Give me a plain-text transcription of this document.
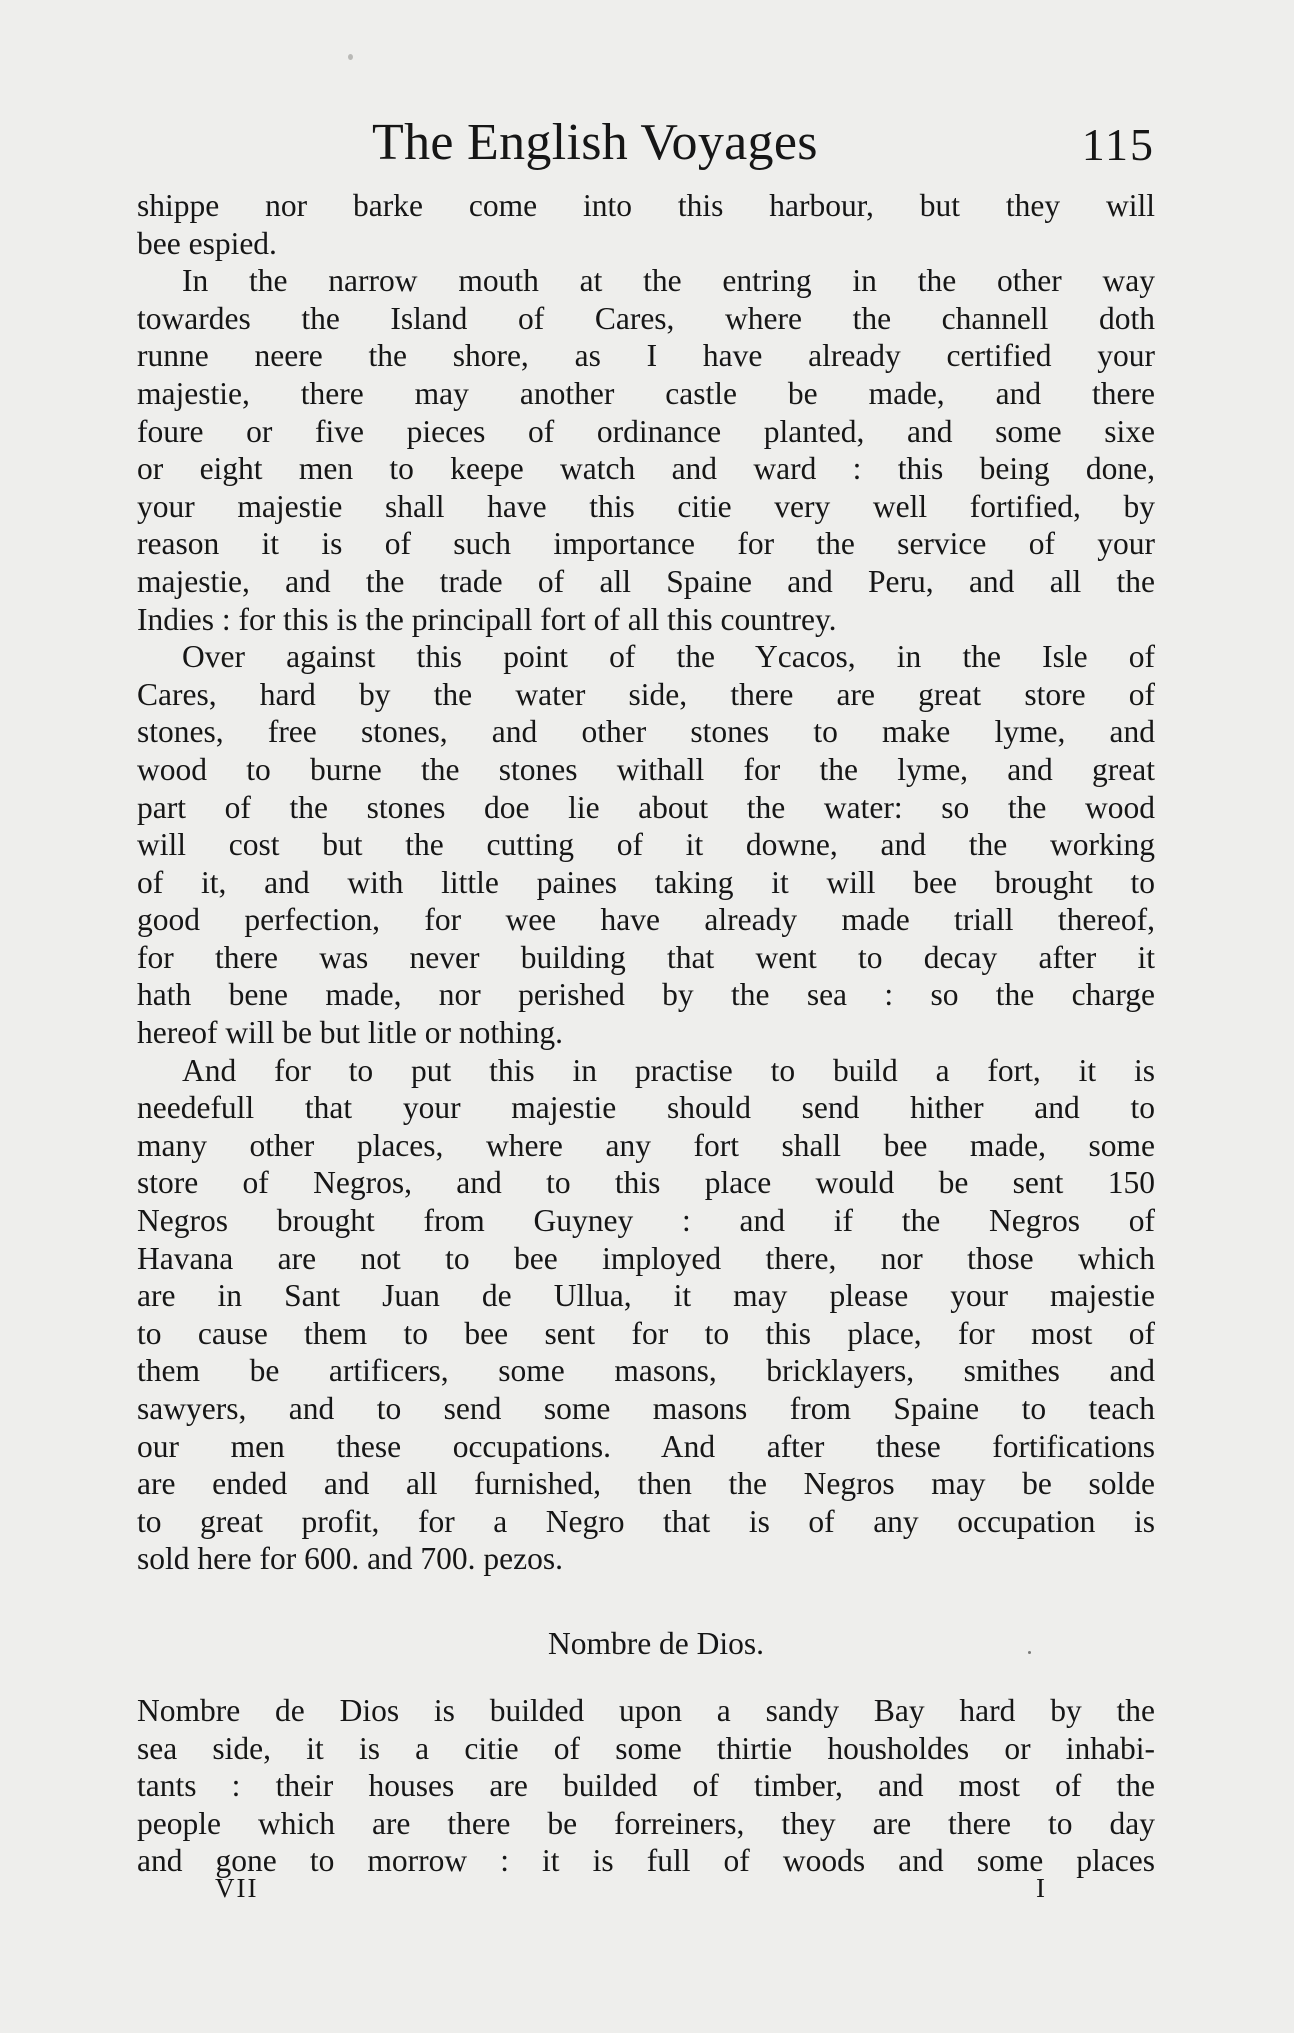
The English Voyages	115
shippe nor barke come into this harbour, but they will
bee espied.
In the narrow mouth at the entring in the other way
towardes the Island of Cares, where the channell doth
runne neere the shore, as I have already certified your
majestie, there may another castle be made, and there
foure or five pieces of ordinance planted, and some sixe
or eight men to keepe watch and ward : this being done,
your majestie shall have this citie very well fortified, by
reason it is of such importance for the service of your
majestie, and the trade of all Spaine and Peru, and all the
Indies : for this is the principall fort of all this countrey.
Over against this point of the Ycacos, in the Isle of
Cares, hard by the water side, there are great store of
stones, free stones, and other stones to make lyme, and
wood to burne the stones withall for the lyme, and great
part of the stones doe lie about the water: so the wood
will cost but the cutting of it downe, and the working
of it, and with little paines taking it will bee brought to
good perfection, for wee have already made triall thereof,
for there was never building that went to decay after it
hath bene made, nor perished by the sea : so the charge
hereof will be but litle or nothing.
And for to put this in practise to build a fort, it is
needefull that your majestie should send hither and to
many other places, where any fort shall bee made, some
store of Negros, and to this place would be sent 150
Negros brought from Guyney : and if the Negros of
Havana are not to bee imployed there, nor those which
are in Sant Juan de Ullua, it may please your majestie
to cause them to bee sent for to this place, for most of
them be artificers, some masons, bricklayers, smithes and
sawyers, and to send some masons from Spaine to teach
our men these occupations. And after these fortifications
are ended and all furnished, then the Negros may be solde
to great profit, for a Negro that is of any occupation is
sold here for 600. and 700. pezos.
Nombre de Dios.
Nombre de Dios is builded upon a sandy Bay hard by the
sea side, it is a citie of some thirtie housholdes or inhabi-
tants : their houses are builded of timber, and most of the
people which are there be forreiners, they are there to day
and gone to morrow : it is full of woods and some places
VII	I
